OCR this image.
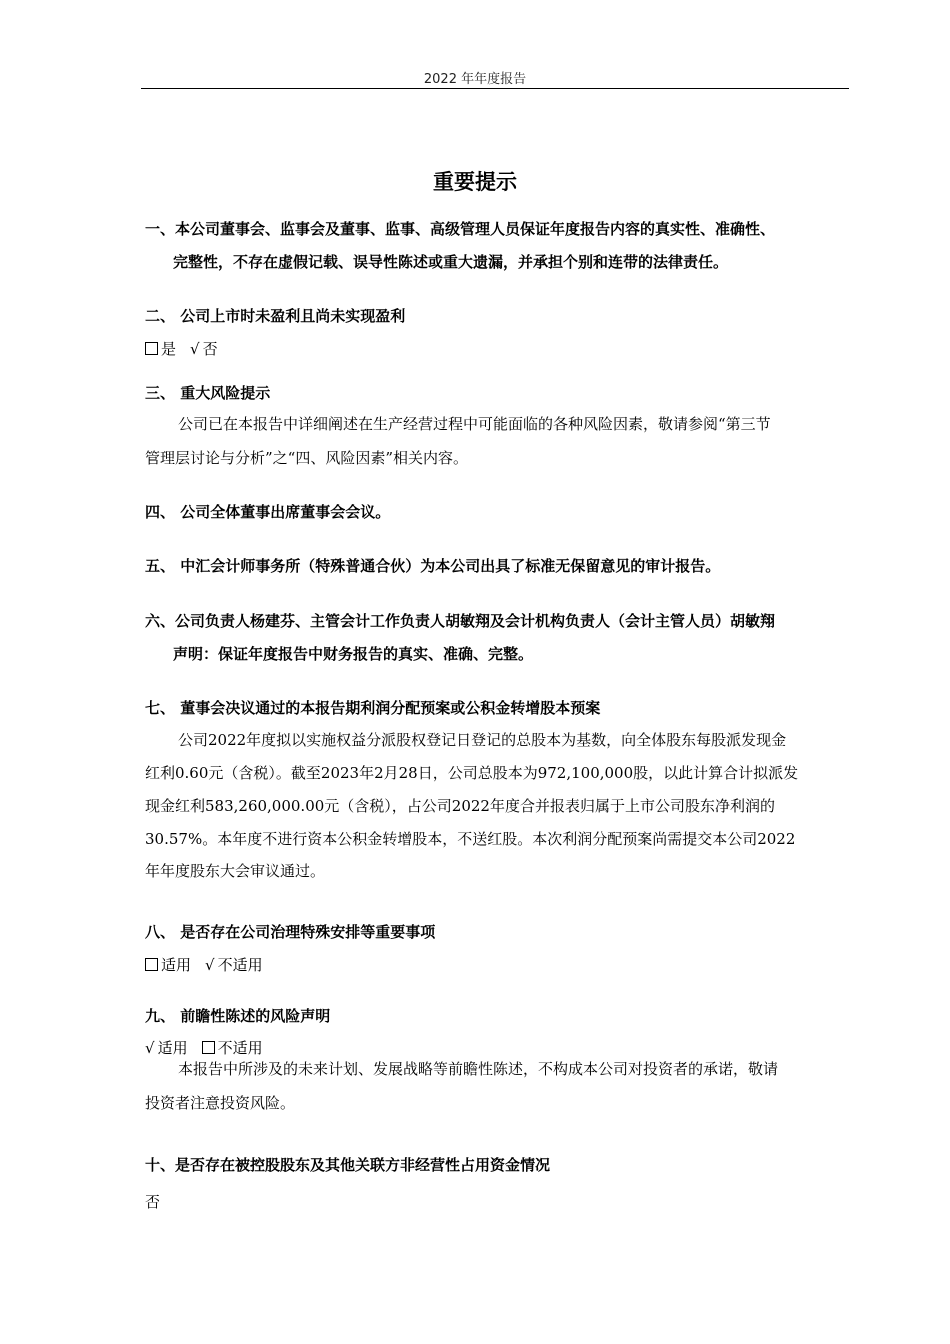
2022 年年度报告
重要提示
一、本公司董事会、监事会及董事、监事、高级管理人员保证年度报告内容的真实性、准确性、
完整性，不存在虚假记载、误导性陈述或重大遗漏，并承担个别和连带的法律责任。
二、 公司上市时未盈利且尚未实现盈利
是 √ 否
三、 重大风险提示
公司已在本报告中详细阐述在生产经营过程中可能面临的各种风险因素，敬请参阅“第三节
管理层讨论与分析”之“四、风险因素”相关内容。
四、 公司全体董事出席董事会会议。
五、 中汇会计师事务所（特殊普通合伙）为本公司出具了标准无保留意见的审计报告。
六、公司负责人杨建芬、主管会计工作负责人胡敏翔及会计机构负责人（会计主管人员）胡敏翔
声明：保证年度报告中财务报告的真实、准确、完整。
七、 董事会决议通过的本报告期利润分配预案或公积金转增股本预案
公司2022年度拟以实施权益分派股权登记日登记的总股本为基数，向全体股东每股派发现金
红利0.60元（含税）。截至2023年2月28日，公司总股本为972,100,000股，以此计算合计拟派发
现金红利583,260,000.00元（含税），占公司2022年度合并报表归属于上市公司股东净利润的
30.57%。本年度不进行资本公积金转增股本，不送红股。本次利润分配预案尚需提交本公司2022
年年度股东大会审议通过。
八、 是否存在公司治理特殊安排等重要事项
适用 √ 不适用
九、 前瞻性陈述的风险声明
√ 适用 不适用
本报告中所涉及的未来计划、发展战略等前瞻性陈述，不构成本公司对投资者的承诺，敬请
投资者注意投资风险。
十、是否存在被控股股东及其他关联方非经营性占用资金情况
否
